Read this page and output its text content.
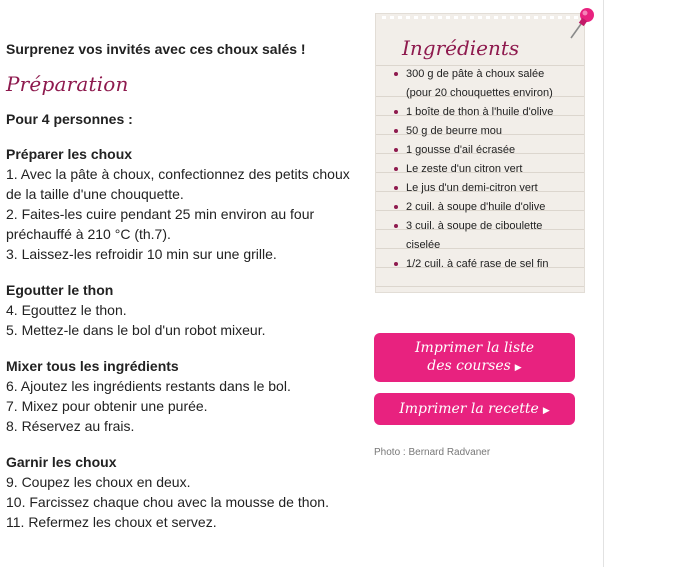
Surprenez vos invités avec ces choux salés !
Préparation
Pour 4 personnes :
Préparer les choux
1. Avec la pâte à choux, confectionnez des petits choux de la taille d'une chouquette.
2. Faites-les cuire pendant 25 min environ au four préchauffé à 210 °C (th.7).
3. Laissez-les refroidir 10 min sur une grille.
Egoutter le thon
4. Egouttez le thon.
5. Mettez-le dans le bol d'un robot mixeur.
Mixer tous les ingrédients
6. Ajoutez les ingrédients restants dans le bol.
7. Mixez pour obtenir une purée.
8. Réservez au frais.
Garnir les choux
9. Coupez les choux en deux.
10. Farcissez chaque chou avec la mousse de thon.
11. Refermez les choux et servez.
Ingrédients
300 g de pâte à choux salée
(pour 20 chouquettes environ)
1 boîte de thon à l'huile d'olive
50 g de beurre mou
1 gousse d'ail écrasée
Le zeste d'un citron vert
Le jus d'un demi-citron vert
2 cuil. à soupe d'huile d'olive
3 cuil. à soupe de ciboulette
ciselée
1/2 cuil. à café rase de sel fin
Imprimer la liste
des courses ▶
Imprimer la recette ▶
Photo : Bernard Radvaner
